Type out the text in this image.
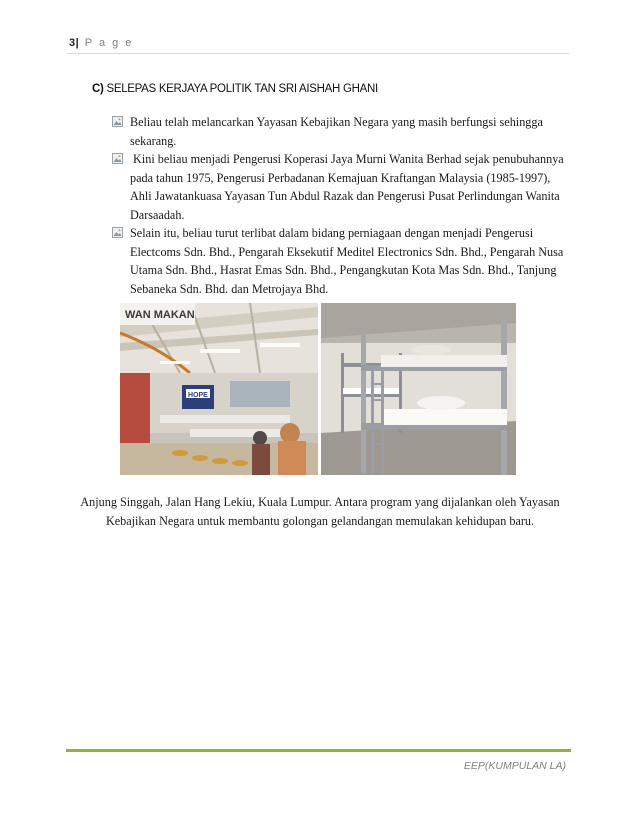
3| P a g e
C) SELEPAS KERJAYA POLITIK TAN SRI AISHAH GHANI
Beliau telah melancarkan Yayasan Kebajikan Negara yang masih berfungsi sehingga sekarang.
Kini beliau menjadi Pengerusi Koperasi Jaya Murni Wanita Berhad sejak penubuhannya pada tahun 1975, Pengerusi Perbadanan Kemajuan Kraftangan Malaysia (1985-1997), Ahli Jawatankuasa Yayasan Tun Abdul Razak dan Pengerusi Pusat Perlindungan Wanita Darsaadah.
Selain itu, beliau turut terlibat dalam bidang perniagaan dengan menjadi Pengerusi Electcoms Sdn. Bhd., Pengarah Eksekutif Meditel Electronics Sdn. Bhd., Pengarah Nusa Utama Sdn. Bhd., Hasrat Emas Sdn. Bhd., Pengangkutan Kota Mas Sdn. Bhd., Tanjung Sebaneka Sdn. Bhd. dan Metrojaya Bhd.
WAN MAKAN
HOPE
Anjung Singgah, Jalan Hang Lekiu, Kuala Lumpur. Antara program yang dijalankan oleh Yayasan Kebajikan Negara untuk membantu golongan gelandangan memulakan kehidupan baru.
EEP(KUMPULAN LA)
